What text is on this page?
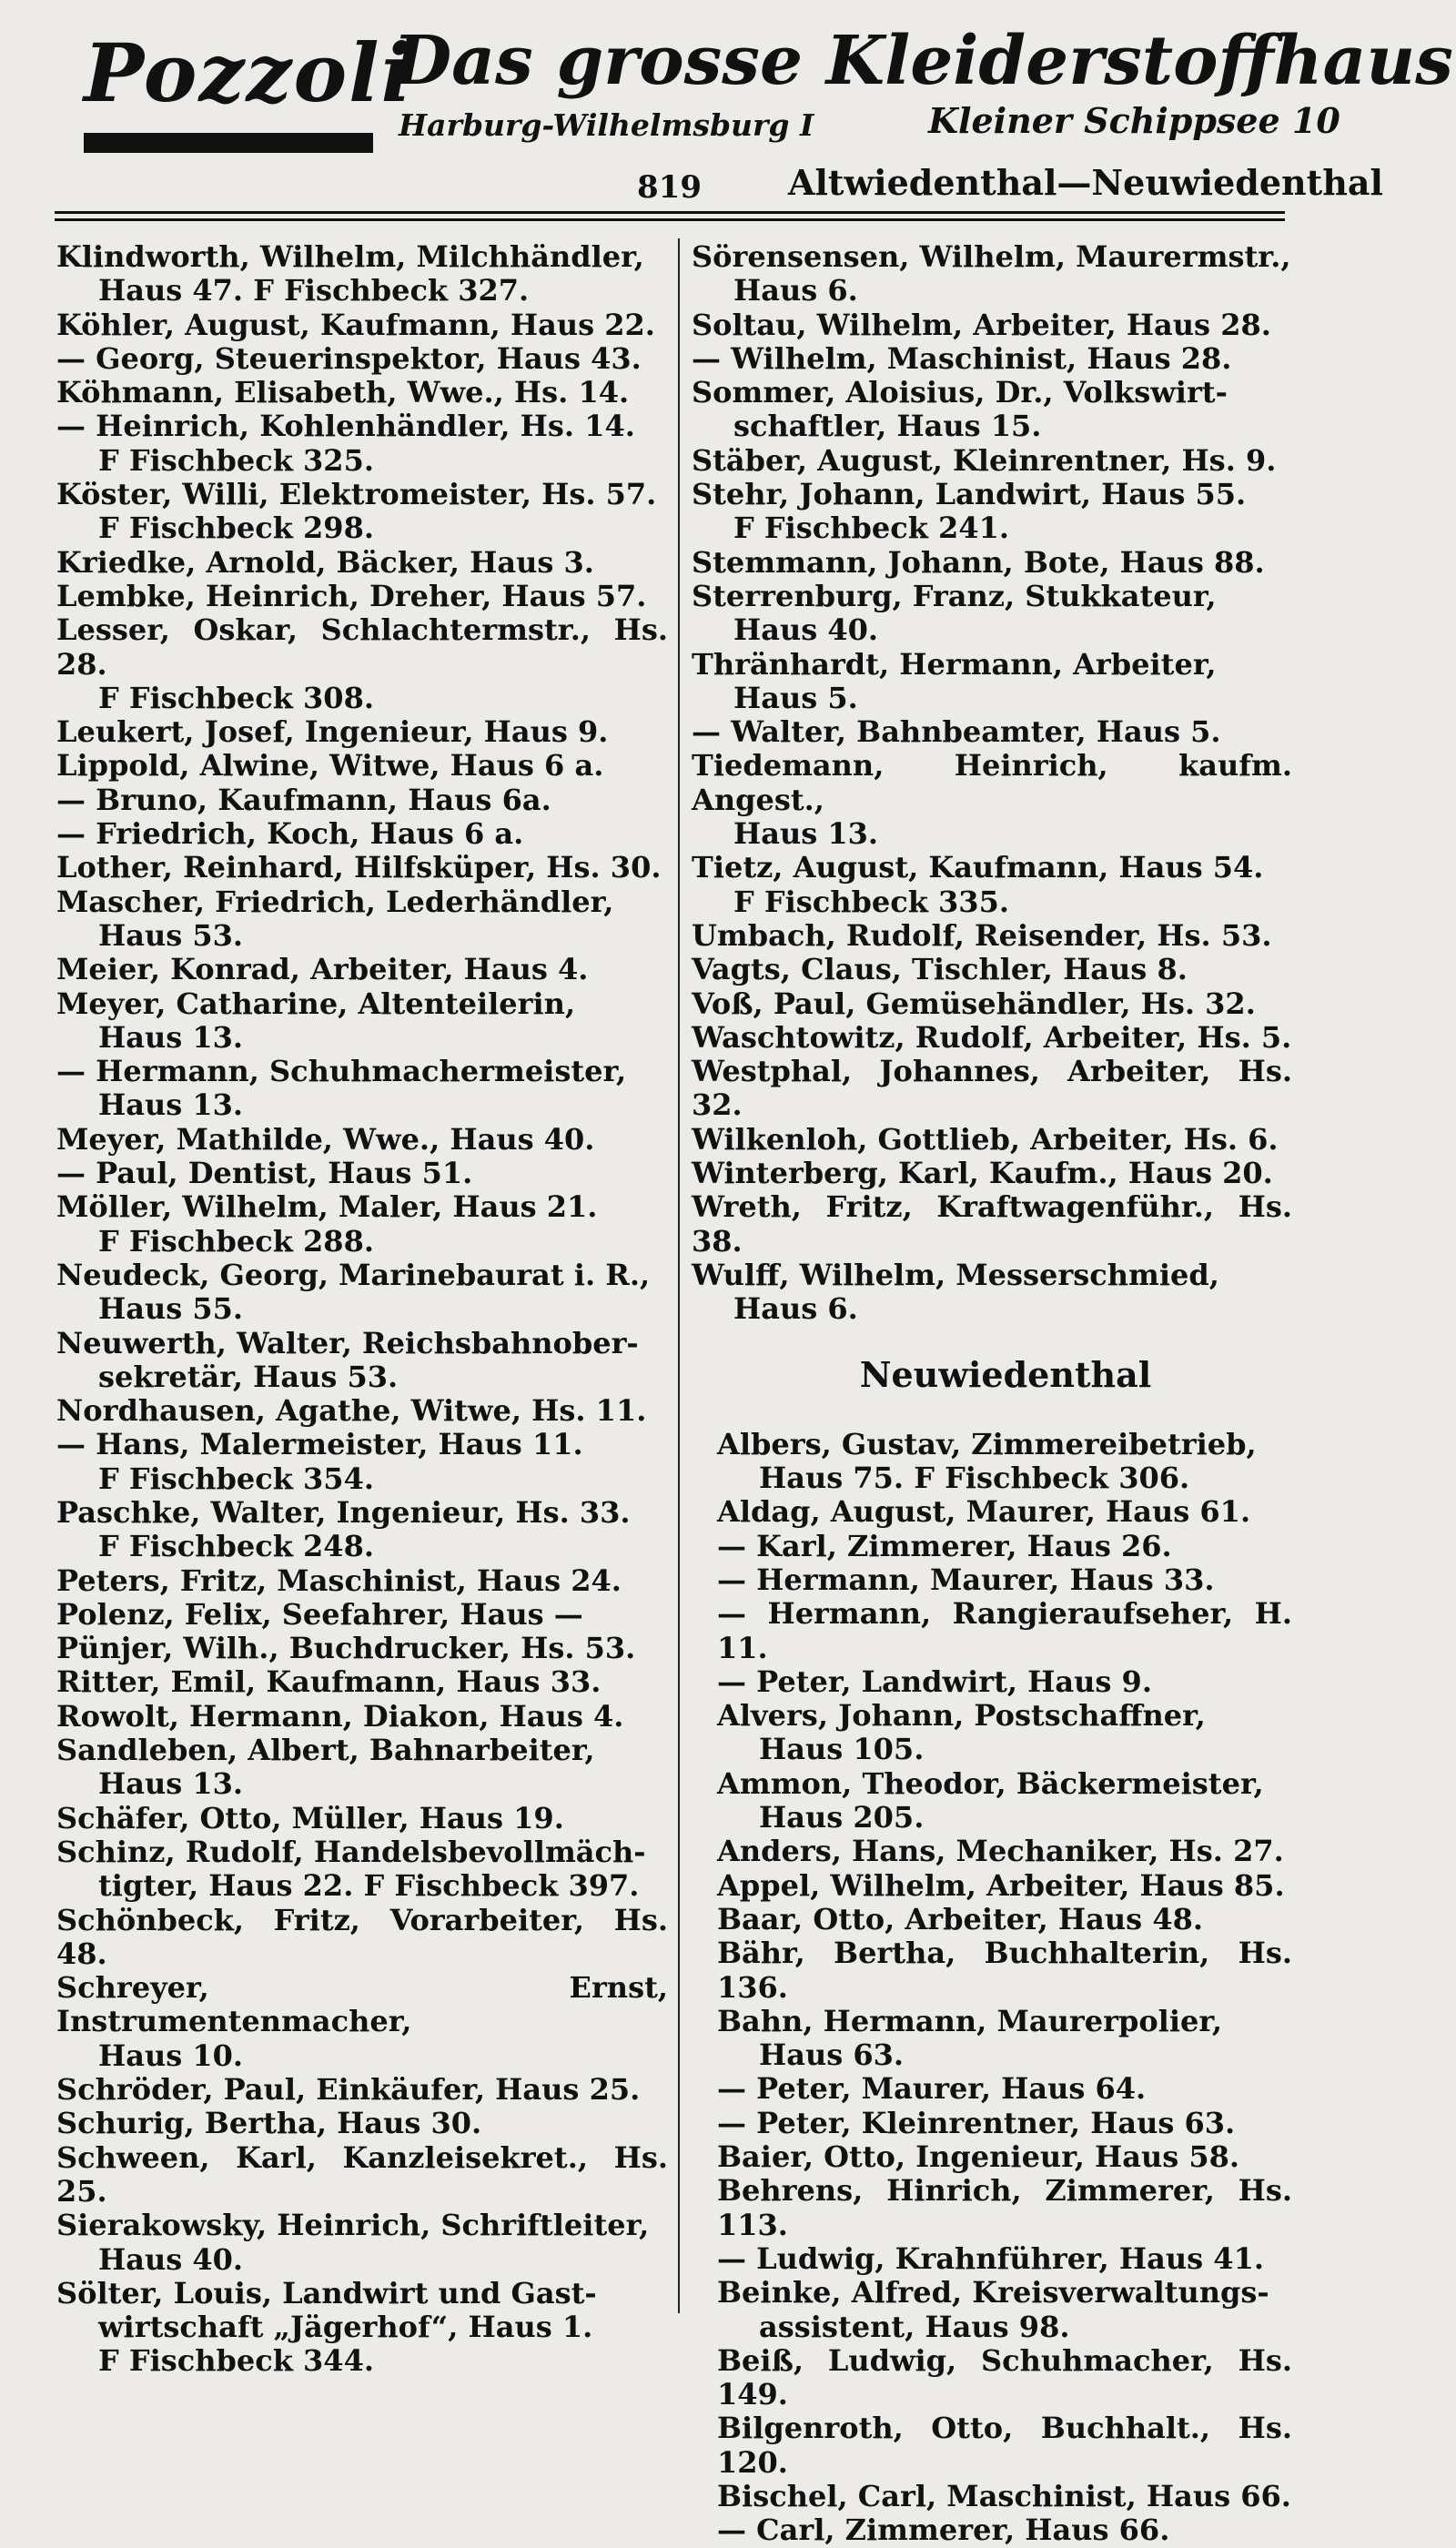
Pozzoli
Das grosse Kleiderstoffhaus
Harburg-Wilhelmsburg I	Kleiner Schippsee 10
819	Altwiedenthal—Neuwiedenthal
Klindworth, Wilhelm, Milchhändler,
Haus 47. F Fischbeck 327.
Köhler, August, Kaufmann, Haus 22.
— Georg, Steuerinspektor, Haus 43.
Köhmann, Elisabeth, Wwe., Hs. 14.
— Heinrich, Kohlenhändler, Hs. 14.
F Fischbeck 325.
Köster, Willi, Elektromeister, Hs. 57.
F Fischbeck 298.
Kriedke, Arnold, Bäcker, Haus 3.
Lembke, Heinrich, Dreher, Haus 57.
Lesser, Oskar, Schlachtermstr., Hs. 28.
F Fischbeck 308.
Leukert, Josef, Ingenieur, Haus 9.
Lippold, Alwine, Witwe, Haus 6 a.
— Bruno, Kaufmann, Haus 6a.
— Friedrich, Koch, Haus 6 a.
Lother, Reinhard, Hilfsküper, Hs. 30.
Mascher, Friedrich, Lederhändler,
Haus 53.
Meier, Konrad, Arbeiter, Haus 4.
Meyer, Catharine, Altenteilerin,
Haus 13.
— Hermann, Schuhmachermeister,
Haus 13.
Meyer, Mathilde, Wwe., Haus 40.
— Paul, Dentist, Haus 51.
Möller, Wilhelm, Maler, Haus 21.
F Fischbeck 288.
Neudeck, Georg, Marinebaurat i. R.,
Haus 55.
Neuwerth, Walter, Reichsbahnober-
sekretär, Haus 53.
Nordhausen, Agathe, Witwe, Hs. 11.
— Hans, Malermeister, Haus 11.
F Fischbeck 354.
Paschke, Walter, Ingenieur, Hs. 33.
F Fischbeck 248.
Peters, Fritz, Maschinist, Haus 24.
Polenz, Felix, Seefahrer, Haus —
Pünjer, Wilh., Buchdrucker, Hs. 53.
Ritter, Emil, Kaufmann, Haus 33.
Rowolt, Hermann, Diakon, Haus 4.
Sandleben, Albert, Bahnarbeiter,
Haus 13.
Schäfer, Otto, Müller, Haus 19.
Schinz, Rudolf, Handelsbevollmäch-
tigter, Haus 22. F Fischbeck 397.
Schönbeck, Fritz, Vorarbeiter, Hs. 48.
Schreyer, Ernst, Instrumentenmacher,
Haus 10.
Schröder, Paul, Einkäufer, Haus 25.
Schurig, Bertha, Haus 30.
Schween, Karl, Kanzleisekret., Hs. 25.
Sierakowsky, Heinrich, Schriftleiter,
Haus 40.
Sölter, Louis, Landwirt und Gast-
wirtschaft „Jägerhof“, Haus 1.
F Fischbeck 344.
Sörensensen, Wilhelm, Maurermstr.,
Haus 6.
Soltau, Wilhelm, Arbeiter, Haus 28.
— Wilhelm, Maschinist, Haus 28.
Sommer, Aloisius, Dr., Volkswirt-
schaftler, Haus 15.
Stäber, August, Kleinrentner, Hs. 9.
Stehr, Johann, Landwirt, Haus 55.
F Fischbeck 241.
Stemmann, Johann, Bote, Haus 88.
Sterrenburg, Franz, Stukkateur,
Haus 40.
Thränhardt, Hermann, Arbeiter,
Haus 5.
— Walter, Bahnbeamter, Haus 5.
Tiedemann, Heinrich, kaufm. Angest.,
Haus 13.
Tietz, August, Kaufmann, Haus 54.
F Fischbeck 335.
Umbach, Rudolf, Reisender, Hs. 53.
Vagts, Claus, Tischler, Haus 8.
Voß, Paul, Gemüsehändler, Hs. 32.
Waschtowitz, Rudolf, Arbeiter, Hs. 5.
Westphal, Johannes, Arbeiter, Hs. 32.
Wilkenloh, Gottlieb, Arbeiter, Hs. 6.
Winterberg, Karl, Kaufm., Haus 20.
Wreth, Fritz, Kraftwagenführ., Hs. 38.
Wulff, Wilhelm, Messerschmied,
Haus 6.
Neuwiedenthal
Albers, Gustav, Zimmereibetrieb,
Haus 75. F Fischbeck 306.
Aldag, August, Maurer, Haus 61.
— Karl, Zimmerer, Haus 26.
— Hermann, Maurer, Haus 33.
— Hermann, Rangieraufseher, H. 11.
— Peter, Landwirt, Haus 9.
Alvers, Johann, Postschaffner,
Haus 105.
Ammon, Theodor, Bäckermeister,
Haus 205.
Anders, Hans, Mechaniker, Hs. 27.
Appel, Wilhelm, Arbeiter, Haus 85.
Baar, Otto, Arbeiter, Haus 48.
Bähr, Bertha, Buchhalterin, Hs. 136.
Bahn, Hermann, Maurerpolier,
Haus 63.
— Peter, Maurer, Haus 64.
— Peter, Kleinrentner, Haus 63.
Baier, Otto, Ingenieur, Haus 58.
Behrens, Hinrich, Zimmerer, Hs. 113.
— Ludwig, Krahnführer, Haus 41.
Beinke, Alfred, Kreisverwaltungs-
assistent, Haus 98.
Beiß, Ludwig, Schuhmacher, Hs. 149.
Bilgenroth, Otto, Buchhalt., Hs. 120.
Bischel, Carl, Maschinist, Haus 66.
— Carl, Zimmerer, Haus 66.
